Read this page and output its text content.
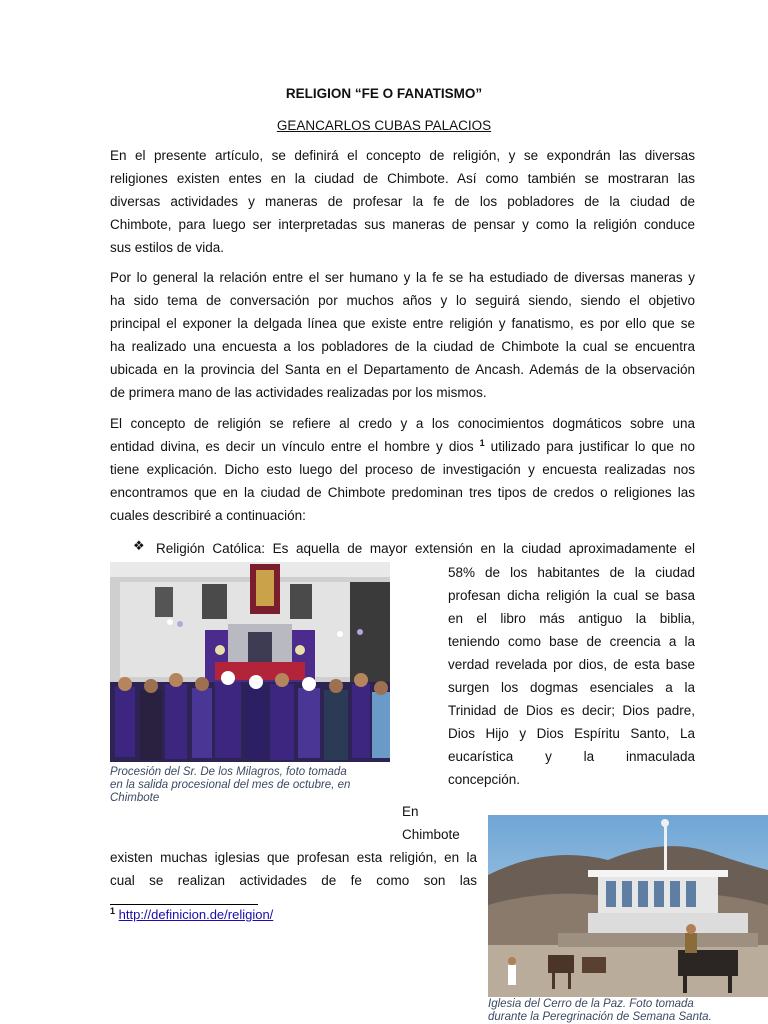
RELIGION “FE O FANATISMO”
GEANCARLOS CUBAS PALACIOS
En el presente artículo, se definirá el concepto de religión, y se expondrán las diversas
religiones existen entes en la ciudad de Chimbote. Así como también se mostraran las
diversas actividades y maneras de profesar la fe de los pobladores de la ciudad de
Chimbote, para luego ser interpretadas sus maneras de pensar y como la religión conduce
sus estilos de vida.
Por lo general la relación entre el ser humano y la fe se ha estudiado de diversas maneras y
ha sido tema de conversación por muchos años y lo seguirá siendo, siendo el objetivo
principal el exponer la delgada línea que existe entre religión y fanatismo, es por ello que se
ha realizado una encuesta a los pobladores de la ciudad de Chimbote la cual se encuentra
ubicada en la provincia del Santa en el Departamento de Ancash. Además de la observación
de primera mano de las actividades realizadas por los mismos.
El concepto de religión se refiere al credo y a los conocimientos dogmáticos sobre una
entidad divina, es decir un vínculo entre el hombre y dios $^1$ utilizado para justificar lo que no
tiene explicación. Dicho esto luego del proceso de investigación y encuesta realizadas nos
encontramos que en la ciudad de Chimbote predominan tres tipos de credos o religiones las
cuales describiré a continuación:
❖ Religión Católica: Es aquella de mayor extensión en la ciudad aproximadamente el
Procesión del Sr. De los Milagros, foto tomada
en la salida procesional del mes de octubre, en
Chimbote
58% de los habitantes de la ciudad
profesan dicha religión la cual se basa
en el libro más antiguo la biblia,
teniendo como base de creencia a la
verdad revelada por dios, de esta base
surgen los dogmas esenciales a la
Trinidad de Dios es decir; Dios padre,
Dios Hijo y Dios Espíritu Santo, La
eucarística y la inmaculada
concepción.
En
Chimbote
existen muchas iglesias que profesan esta religión, en la
cual se realizan actividades de fe como son las
$^1$ http://definicion.de/religion/
Iglesia del Cerro de la Paz. Foto tomada
durante la Peregrinación de Semana Santa.
